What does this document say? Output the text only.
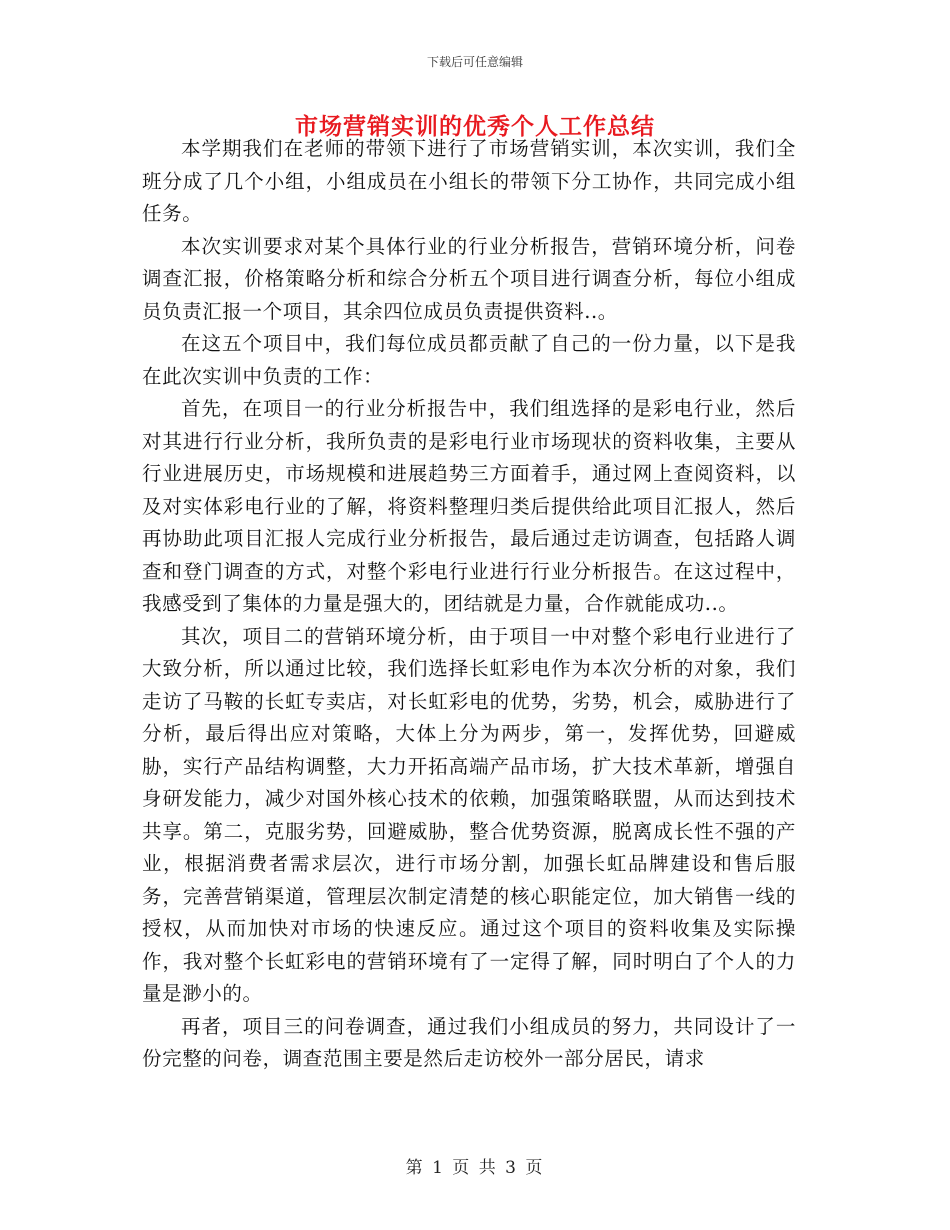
下载后可任意编辑
市场营销实训的优秀个人工作总结

本学期我们在老师的带领下进行了市场营销实训，本次实训，我们全班分成了几个小组，小组成员在小组长的带领下分工协作，共同完成小组任务。

本次实训要求对某个具体行业的行业分析报告，营销环境分析，问卷调查汇报，价格策略分析和综合分析五个项目进行调查分析，每位小组成员负责汇报一个项目，其余四位成员负责提供资料..。

在这五个项目中，我们每位成员都贡献了自己的一份力量，以下是我在此次实训中负责的工作：

首先，在项目一的行业分析报告中，我们组选择的是彩电行业，然后对其进行行业分析，我所负责的是彩电行业市场现状的资料收集，主要从行业进展历史，市场规模和进展趋势三方面着手，通过网上查阅资料，以及对实体彩电行业的了解，将资料整理归类后提供给此项目汇报人，然后再协助此项目汇报人完成行业分析报告，最后通过走访调查，包括路人调查和登门调查的方式，对整个彩电行业进行行业分析报告。在这过程中，我感受到了集体的力量是强大的，团结就是力量，合作就能成功..。

其次，项目二的营销环境分析，由于项目一中对整个彩电行业进行了大致分析，所以通过比较，我们选择长虹彩电作为本次分析的对象，我们走访了马鞍的长虹专卖店，对长虹彩电的优势，劣势，机会，威胁进行了分析，最后得出应对策略，大体上分为两步，第一，发挥优势，回避威胁，实行产品结构调整，大力开拓高端产品市场，扩大技术革新，增强自身研发能力，减少对国外核心技术的依赖，加强策略联盟，从而达到技术共享。第二，克服劣势，回避威胁，整合优势资源，脱离成长性不强的产业，根据消费者需求层次，进行市场分割，加强长虹品牌建设和售后服务，完善营销渠道，管理层次制定清楚的核心职能定位，加大销售一线的授权，从而加快对市场的快速反应。通过这个项目的资料收集及实际操作，我对整个长虹彩电的营销环境有了一定得了解，同时明白了个人的力量是渺小的。

再者，项目三的问卷调查，通过我们小组成员的努力，共同设计了一份完整的问卷，调查范围主要是然后走访校外一部分居民，请求

第 1 页 共 3 页
